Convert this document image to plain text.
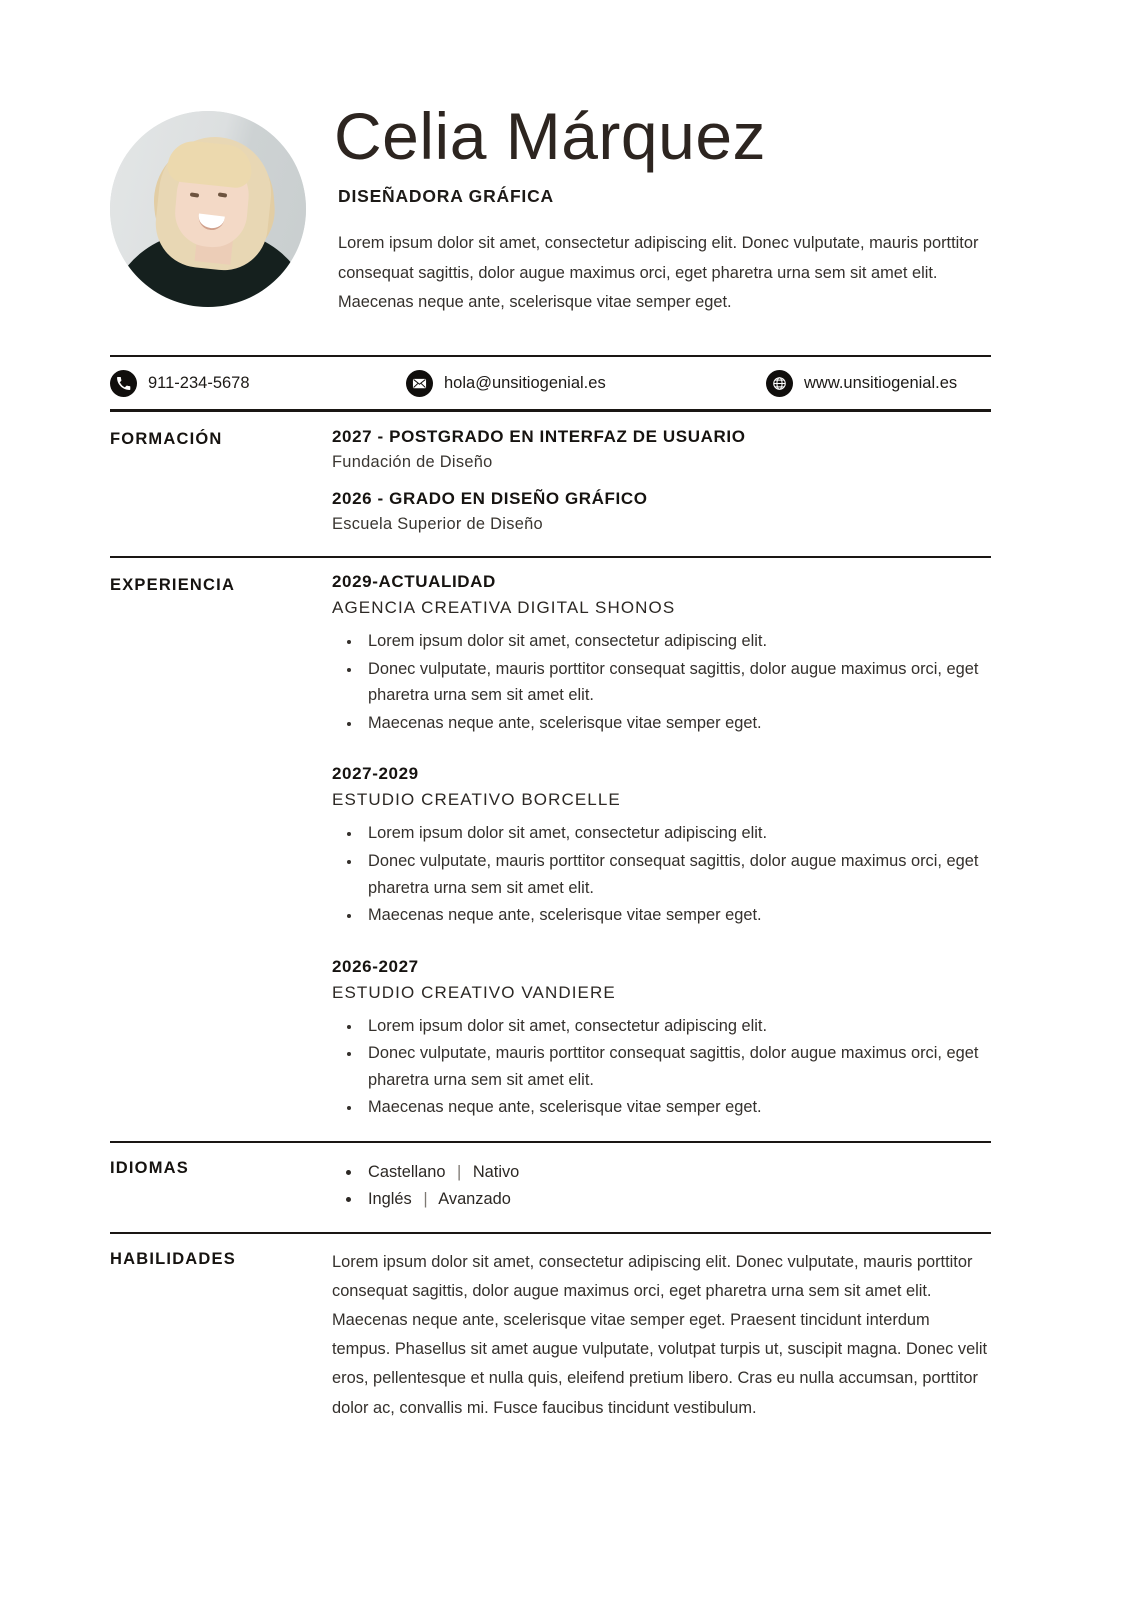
Celia Márquez
DISEÑADORA GRÁFICA
Lorem ipsum dolor sit amet, consectetur adipiscing elit. Donec vulputate, mauris porttitor consequat sagittis, dolor augue maximus orci, eget pharetra urna sem sit amet elit. Maecenas neque ante, scelerisque vitae semper eget.
911-234-5678	hola@unsitiogenial.es	www.unsitiogenial.es
FORMACIÓN	2027 - POSTGRADO EN INTERFAZ DE USUARIO
Fundación de Diseño
2026 - GRADO EN DISEÑO GRÁFICO
Escuela Superior de Diseño
EXPERIENCIA	2029-ACTUALIDAD
AGENCIA CREATIVA DIGITAL SHONOS
• Lorem ipsum dolor sit amet, consectetur adipiscing elit.
• Donec vulputate, mauris porttitor consequat sagittis, dolor augue maximus orci, eget pharetra urna sem sit amet elit.
• Maecenas neque ante, scelerisque vitae semper eget.
2027-2029
ESTUDIO CREATIVO BORCELLE
• Lorem ipsum dolor sit amet, consectetur adipiscing elit.
• Donec vulputate, mauris porttitor consequat sagittis, dolor augue maximus orci, eget pharetra urna sem sit amet elit.
• Maecenas neque ante, scelerisque vitae semper eget.
2026-2027
ESTUDIO CREATIVO VANDIERE
• Lorem ipsum dolor sit amet, consectetur adipiscing elit.
• Donec vulputate, mauris porttitor consequat sagittis, dolor augue maximus orci, eget pharetra urna sem sit amet elit.
• Maecenas neque ante, scelerisque vitae semper eget.
IDIOMAS	• Castellano | Nativo
• Inglés | Avanzado
HABILIDADES	Lorem ipsum dolor sit amet, consectetur adipiscing elit. Donec vulputate, mauris porttitor consequat sagittis, dolor augue maximus orci, eget pharetra urna sem sit amet elit. Maecenas neque ante, scelerisque vitae semper eget. Praesent tincidunt interdum tempus. Phasellus sit amet augue vulputate, volutpat turpis ut, suscipit magna. Donec velit eros, pellentesque et nulla quis, eleifend pretium libero. Cras eu nulla accumsan, porttitor dolor ac, convallis mi. Fusce faucibus tincidunt vestibulum.
